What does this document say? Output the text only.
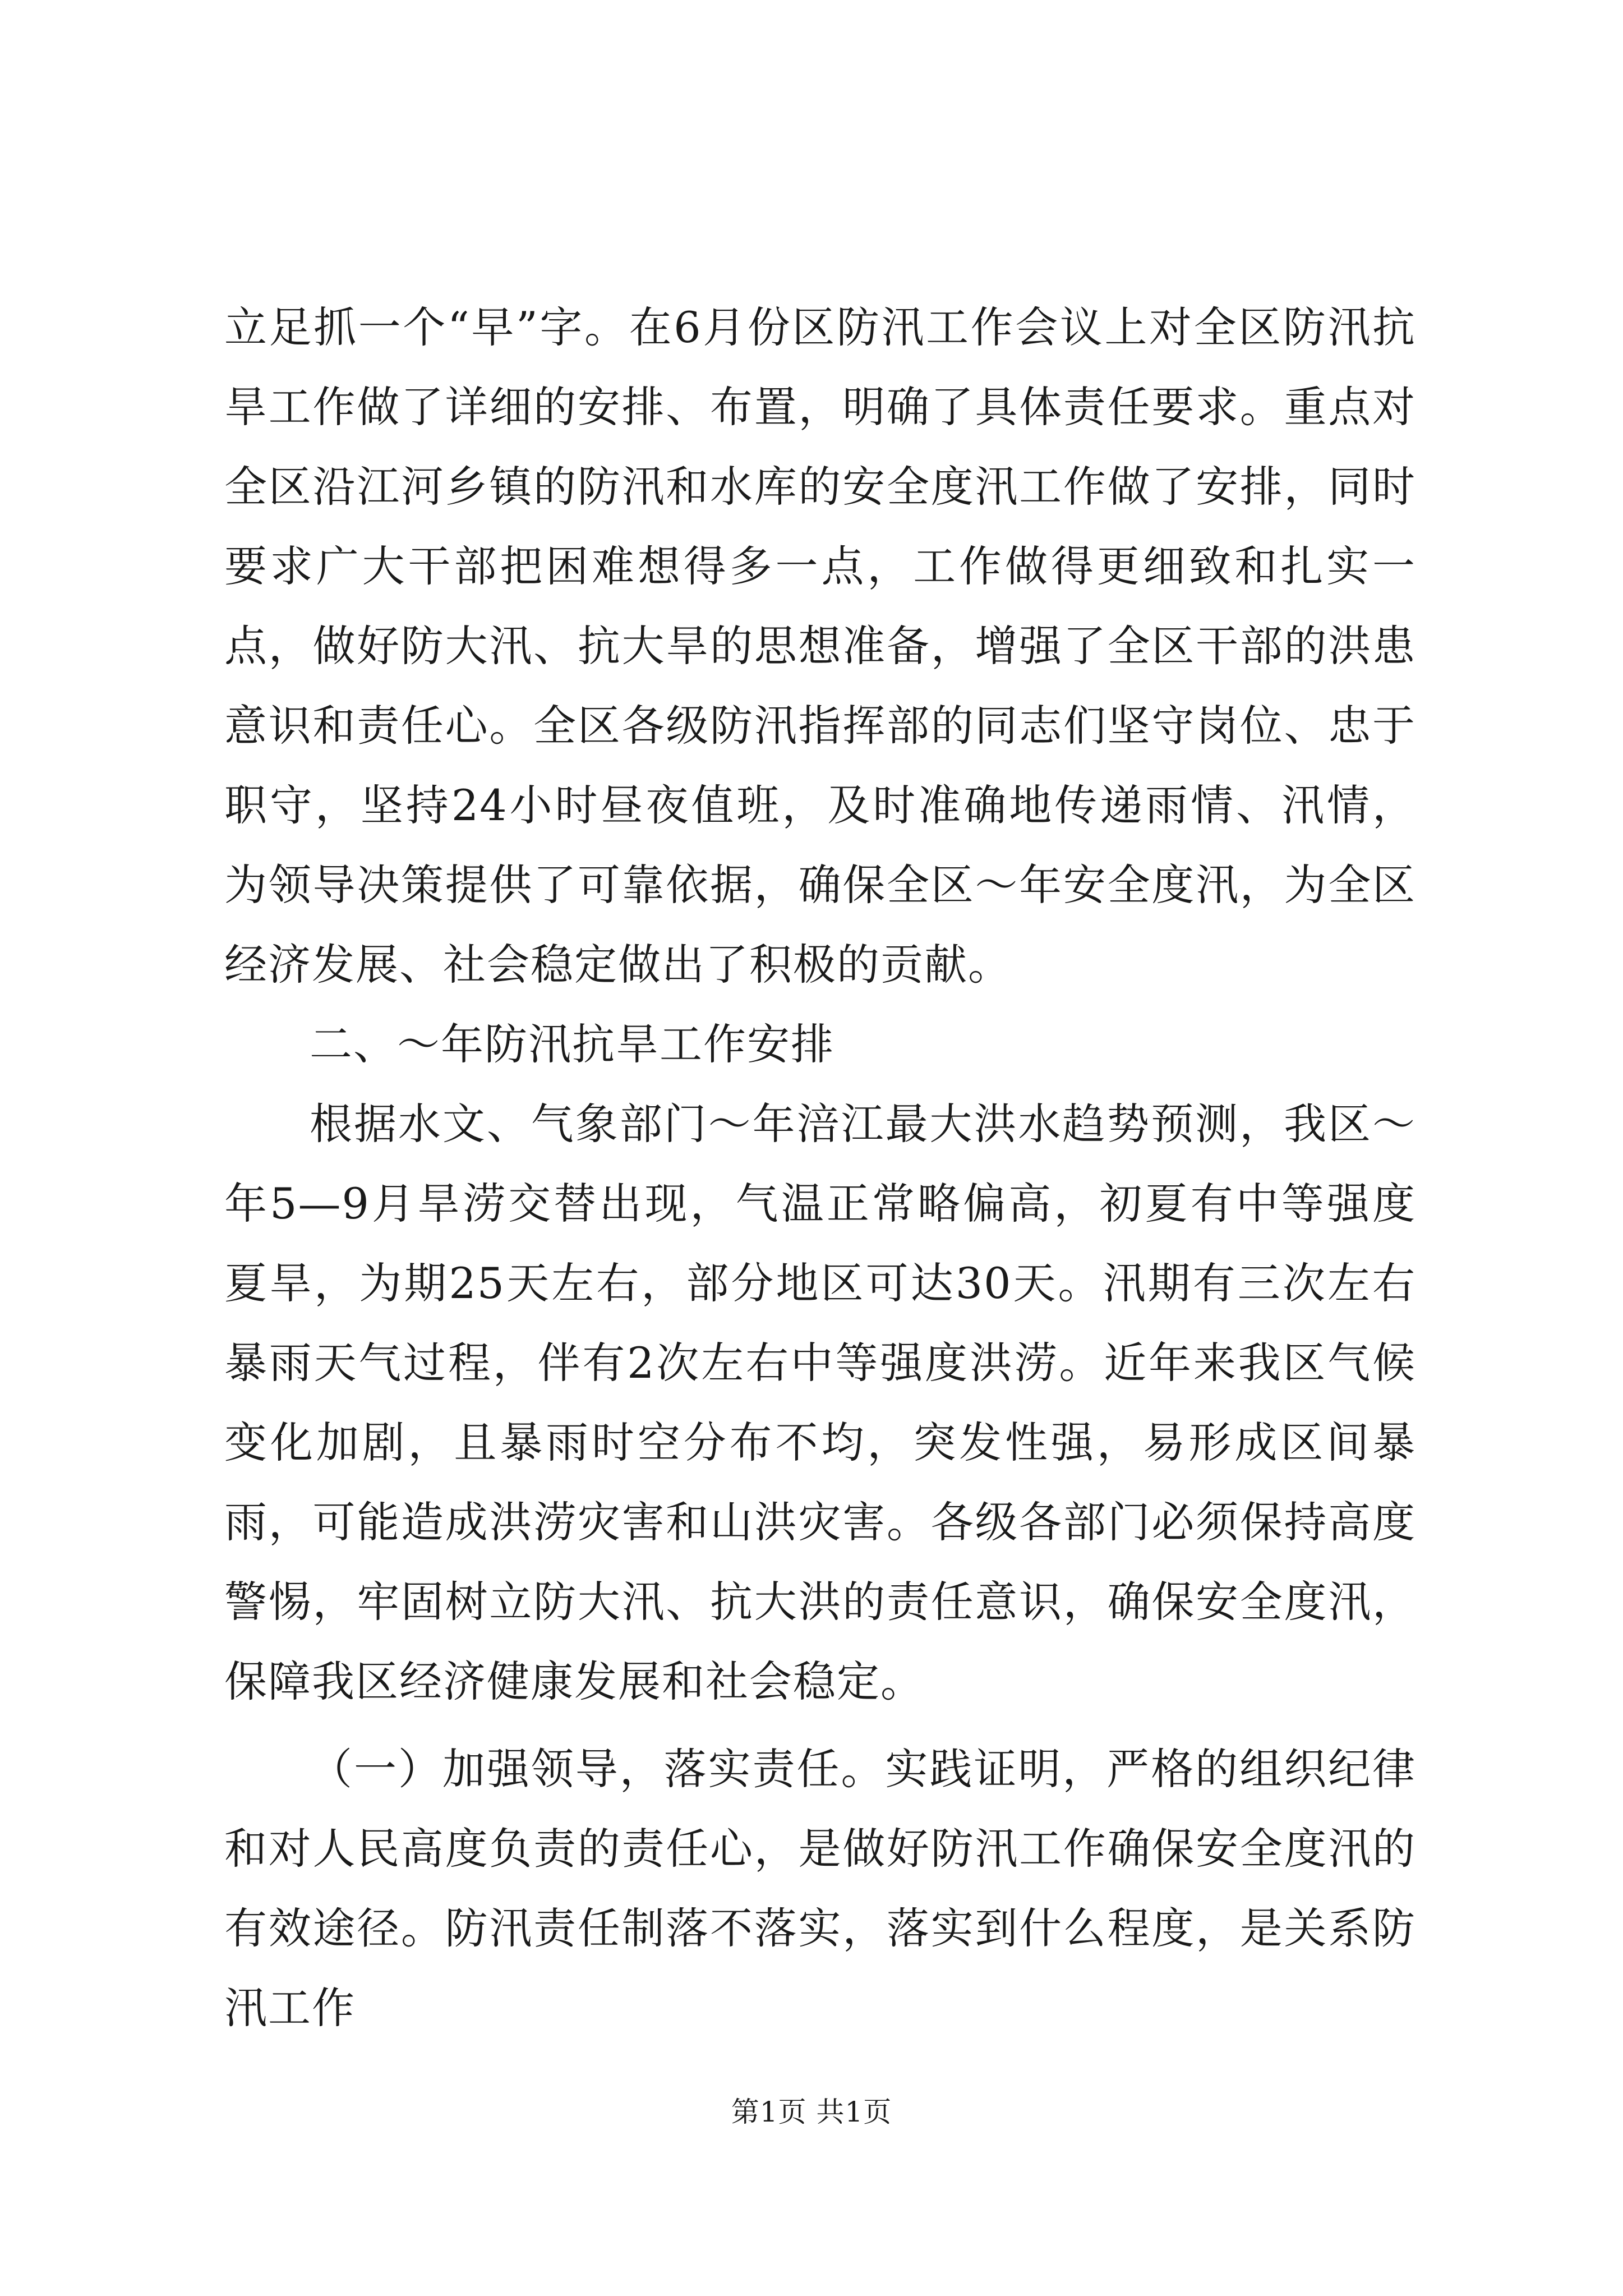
立足抓一个“早”字。在6月份区防汛工作会议上对全区防汛抗旱工作做了详细的安排、布置，明确了具体责任要求。重点对全区沿江河乡镇的防汛和水库的安全度汛工作做了安排，同时要求广大干部把困难想得多一点，工作做得更细致和扎实一点，做好防大汛、抗大旱的思想准备，增强了全区干部的洪患意识和责任心。全区各级防汛指挥部的同志们坚守岗位、忠于职守，坚持24小时昼夜值班，及时准确地传递雨情、汛情，为领导决策提供了可靠依据，确保全区～年安全度汛，为全区经济发展、社会稳定做出了积极的贡献。

二、～年防汛抗旱工作安排

根据水文、气象部门～年涪江最大洪水趋势预测，我区～年5—9月旱涝交替出现，气温正常略偏高，初夏有中等强度夏旱，为期25天左右，部分地区可达30天。汛期有三次左右暴雨天气过程，伴有2次左右中等强度洪涝。近年来我区气候变化加剧，且暴雨时空分布不均，突发性强，易形成区间暴雨，可能造成洪涝灾害和山洪灾害。各级各部门必须保持高度警惕，牢固树立防大汛、抗大洪的责任意识，确保安全度汛，保障我区经济健康发展和社会稳定。

（一）加强领导，落实责任。实践证明，严格的组织纪律和对人民高度负责的责任心，是做好防汛工作确保安全度汛的有效途径。防汛责任制落不落实，落实到什么程度，是关系防汛工作

第1页 共1页
